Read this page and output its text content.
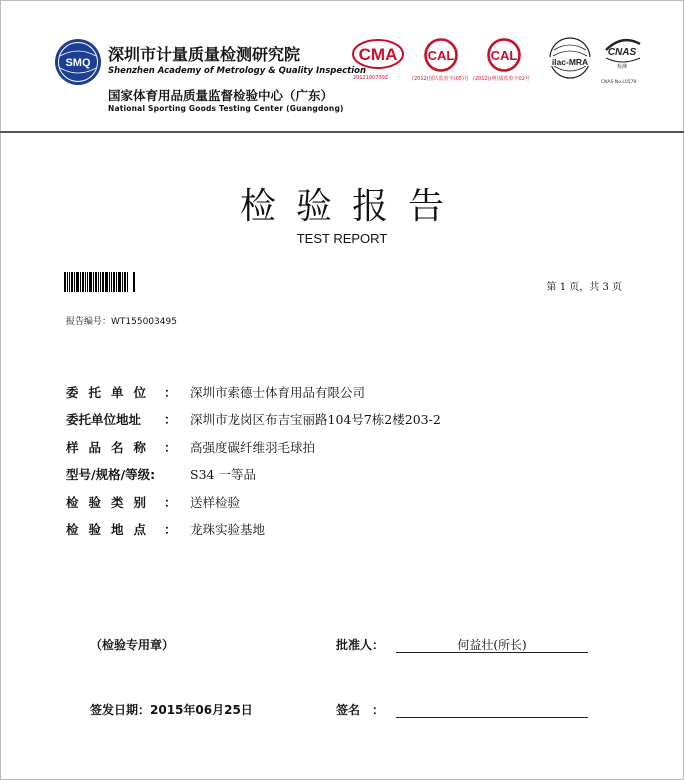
SMQ 深圳市计量质量检测研究院
Shenzhen Academy of Metrology & Quality Inspection
国家体育用品质量监督检验中心（广东）
National Sporting Goods Testing Center (Guangdong)
CMA
2012190730Z
CAL
(2012)国认监验字(05)号
CAL
(2012)(粤)质监验字02号
ilac-MRA
CNAS
检测
CNAS No.L0579
检验报告
TEST REPORT
第 1 页，共 3 页
报告编号：WT155003495
委托单位 ： 深圳市索德士体育用品有限公司
委托单位地址 ： 深圳市龙岗区布吉宝丽路104号7栋2楼203-2
样品名称 ： 高强度碳纤维羽毛球拍
型号/规格/等级:	S34 一等品
检验类别 ： 送样检验
检验地点 ： 龙珠实验基地
（检验专用章）	批准人：	何益壮(所长)
签发日期：2015年06月25日	签名　：
